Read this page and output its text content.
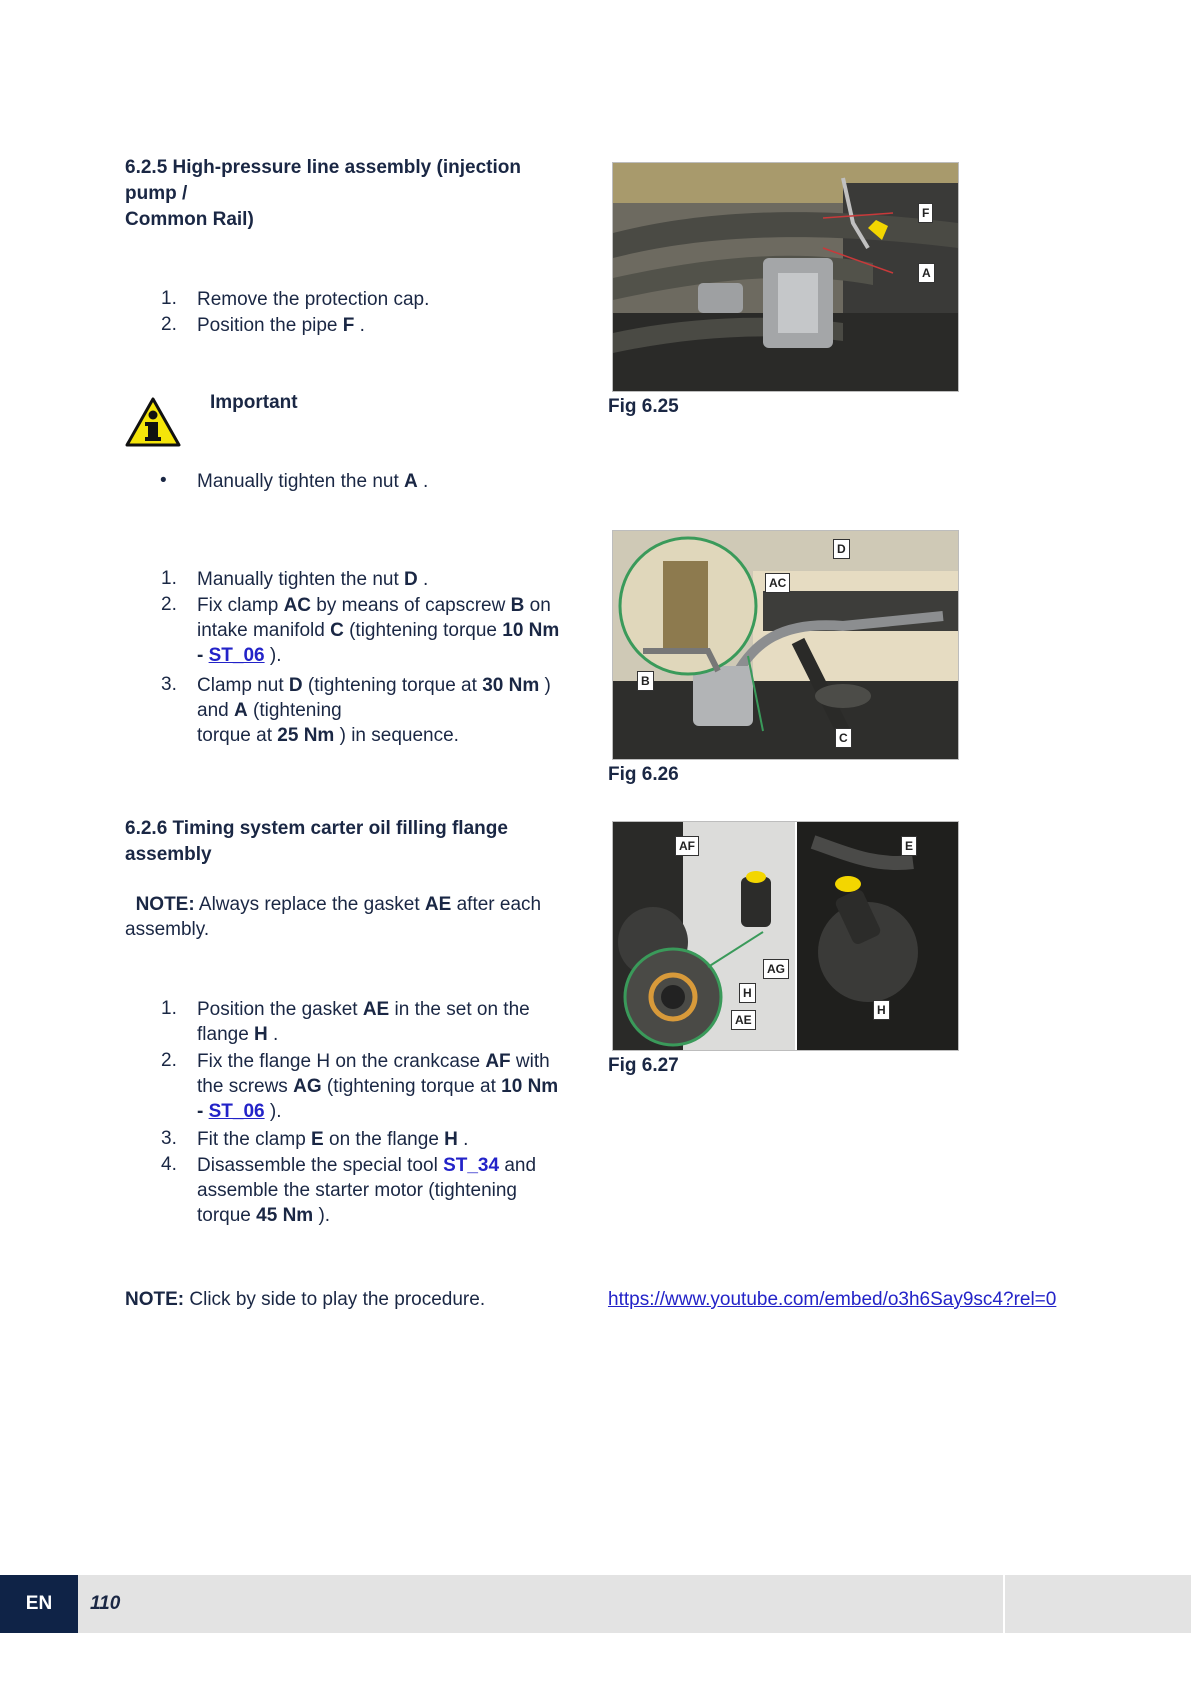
6.2.5 High-pressure line assembly (injection
pump /
Common Rail)
1.	Remove the protection cap.
2.	Position the pipe F .
Important
•	Manually tighten the nut A .
1.	Manually tighten the nut D .
2.	Fix clamp AC by means of capscrew B on
intake manifold C (tightening torque 10 Nm
- ST_06 ).
3.	Clamp nut D (tightening torque at 30 Nm )
and A (tightening
torque at 25 Nm ) in sequence.
6.2.6 Timing system carter oil filling flange
assembly
NOTE: Always replace the gasket AE after each
assembly.
1.	Position the gasket AE in the set on the
flange H .
2.	Fix the flange H on the crankcase AF with
the screws AG (tightening torque at 10 Nm
- ST_06 ).
3.	Fit the clamp E on the flange H .
4.	Disassemble the special tool ST_34 and
assemble the starter motor (tightening
torque 45 Nm ).
NOTE: Click by side to play the procedure.	https://www.youtube.com/embed/o3h6Say9sc4?rel=0
F
A
Fig 6.25
D
AC
B
C
Fig 6.26
AF	E
AG
H
AE
H
Fig 6.27
EN	110
